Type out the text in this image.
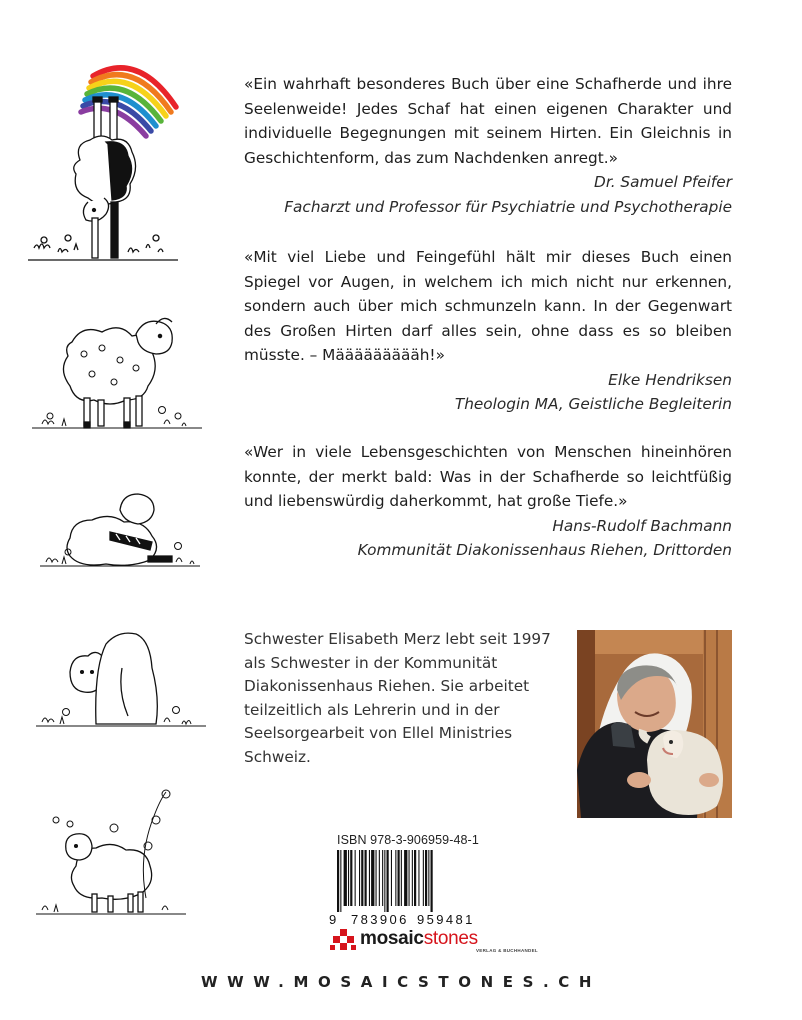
«Ein wahrhaft besonderes Buch über eine Schafherde und ihre Seelenweide! Jedes Schaf hat einen eigenen Charakter und individuelle Begegnungen mit seinem Hirten. Ein Gleichnis in Geschichtenform, das zum Nachdenken anregt.»

Dr. Samuel Pfeifer
Facharzt und Professor für Psychiatrie und Psychotherapie

«Mit viel Liebe und Feingefühl hält mir dieses Buch einen Spiegel vor Augen, in welchem ich mich nicht nur erkennen, sondern auch über mich schmunzeln kann. In der Gegenwart des Großen Hirten darf alles sein, ohne dass es so bleiben müsste. – Määäääääääh!»

Elke Hendriksen
Theologin MA, Geistliche Begleiterin

«Wer in viele Lebensgeschichten von Menschen hineinhören konnte, der merkt bald: Was in der Schafherde so leichtfüßig und liebenswürdig daherkommt, hat große Tiefe.»

Hans-Rudolf Bachmann
Kommunität Diakonissenhaus Riehen, Drittorden

Schwester Elisabeth Merz lebt seit 1997 als Schwester in der Kommunität Diakonissenhaus Riehen. Sie arbeitet teilzeitlich als Lehrerin und in der Seelsorgearbeit von Ellel Ministries Schweiz.

ISBN 978-3-906959-48-1
9 783906 959481
mosaicstones
VERLAG & BUCHHANDEL
WWW.MOSAICSTONES.CH
